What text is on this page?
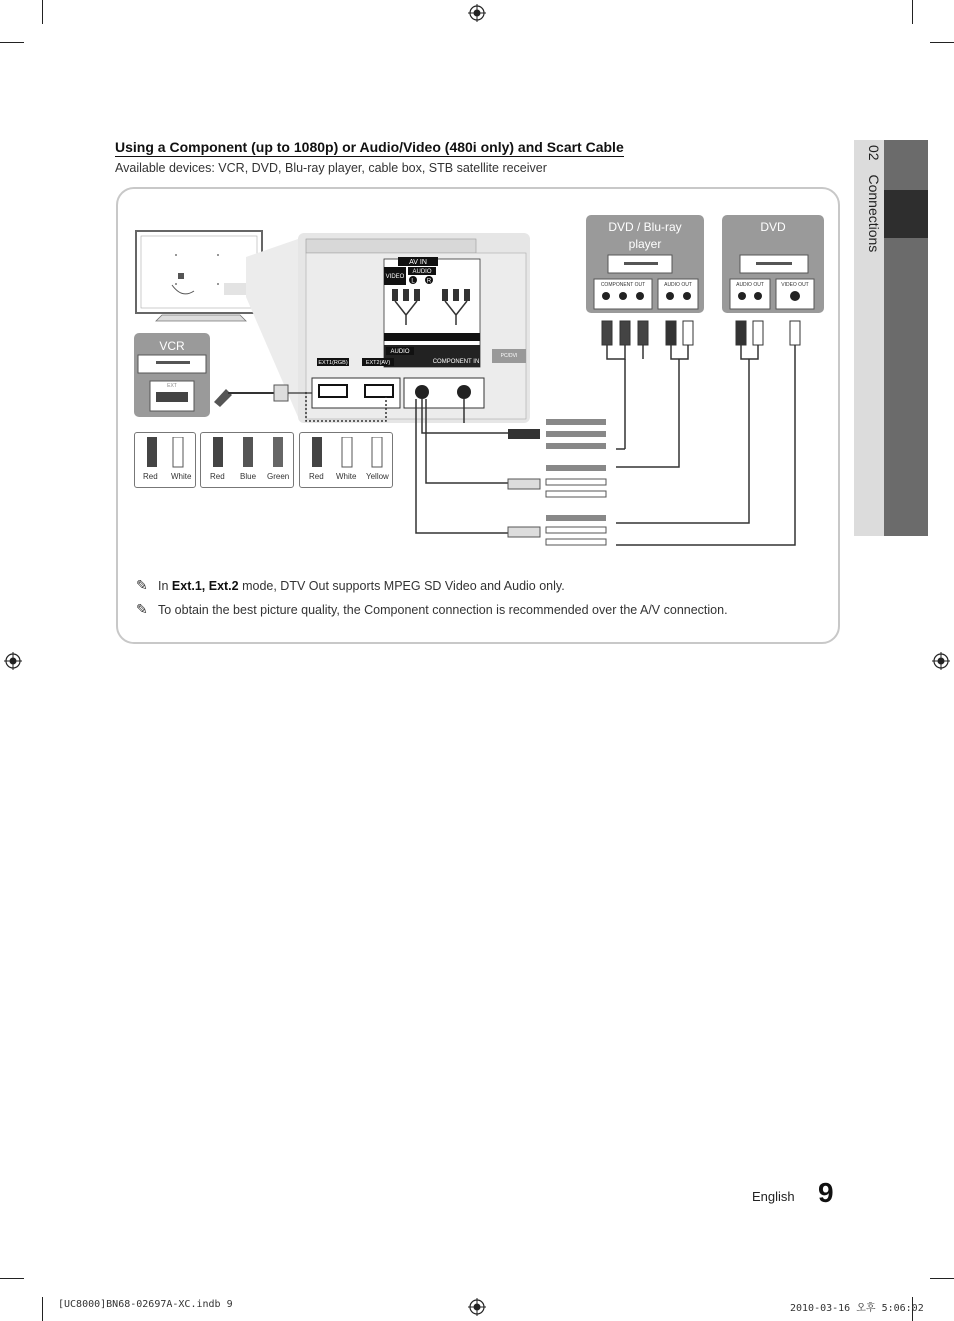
Using a Component (up to 1080p) or Audio/Video (480i only) and Scart Cable
Available devices: VCR, DVD, Blu-ray player, cable box, STB satellite receiver
02 Connections
AV IN
VIDEO
AUDIO
L R
AUDIO
COMPONENT IN
PC/DVI
EXT1(RGB)	EXT2(AV)
VCR
EXT
DVD / Blu-ray
player
COMPONENT OUT	AUDIO OUT
DVD
AUDIO OUT	VIDEO OUT
Red White Red Blue Green Red White Yellow
✎ In Ext.1, Ext.2 mode, DTV Out supports MPEG SD Video and Audio only.
✎ To obtain the best picture quality, the Component connection is recommended over the A/V connection.
English 9
[UC8000]BN68-02697A-XC.indb 9	2010-03-16 오후 5:06:02
